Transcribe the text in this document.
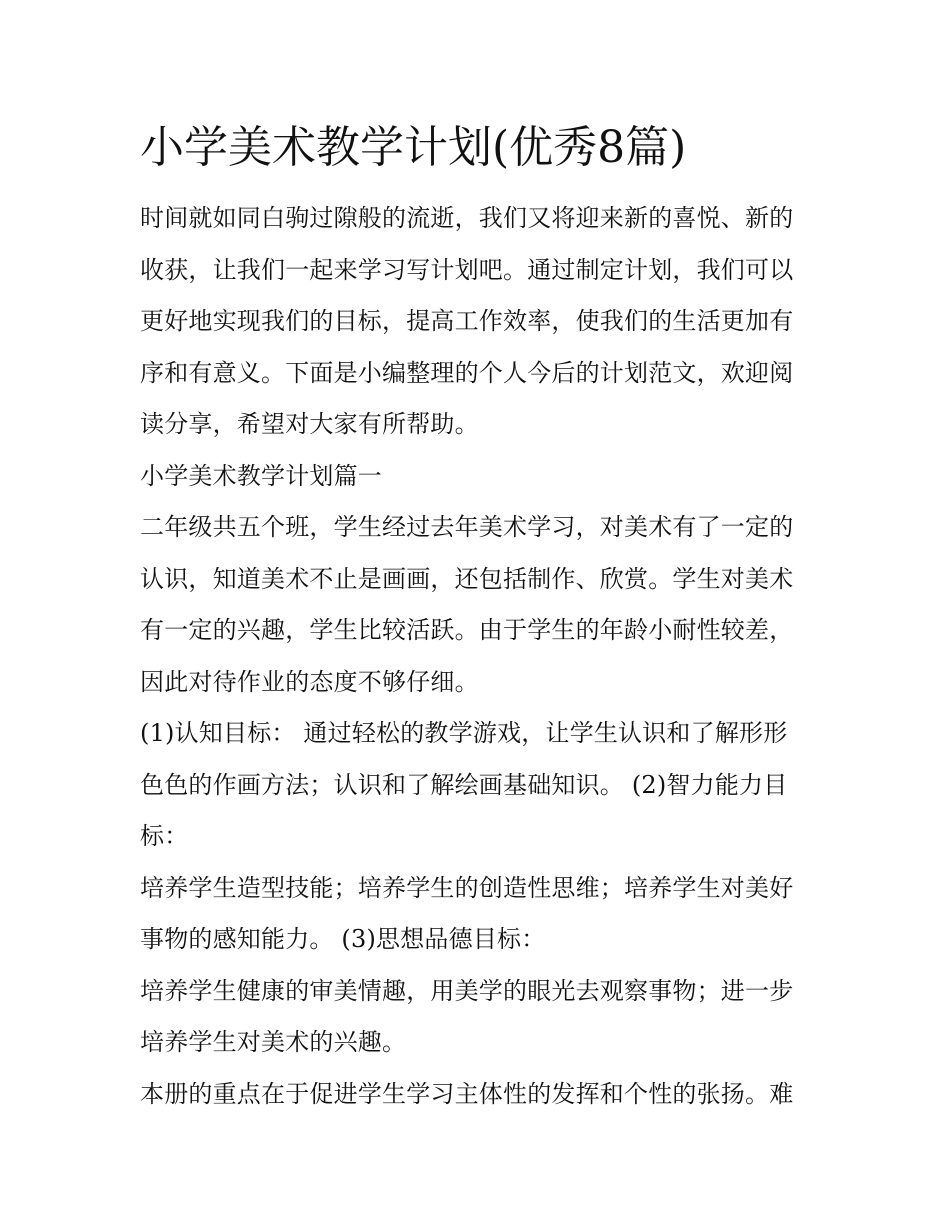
小学美术教学计划(优秀8篇)
时间就如同白驹过隙般的流逝，我们又将迎来新的喜悦、新的
收获，让我们一起来学习写计划吧。通过制定计划，我们可以
更好地实现我们的目标，提高工作效率，使我们的生活更加有
序和有意义。下面是小编整理的个人今后的计划范文，欢迎阅
读分享，希望对大家有所帮助。
小学美术教学计划篇一
二年级共五个班，学生经过去年美术学习，对美术有了一定的
认识，知道美术不止是画画，还包括制作、欣赏。学生对美术
有一定的兴趣，学生比较活跃。由于学生的年龄小耐性较差，
因此对待作业的态度不够仔细。
(1)认知目标： 通过轻松的教学游戏，让学生认识和了解形形
色色的作画方法；认识和了解绘画基础知识。 (2)智力能力目
标：
培养学生造型技能；培养学生的创造性思维；培养学生对美好
事物的感知能力。 (3)思想品德目标：
培养学生健康的审美情趣，用美学的眼光去观察事物；进一步
培养学生对美术的兴趣。
本册的重点在于促进学生学习主体性的发挥和个性的张扬。难
